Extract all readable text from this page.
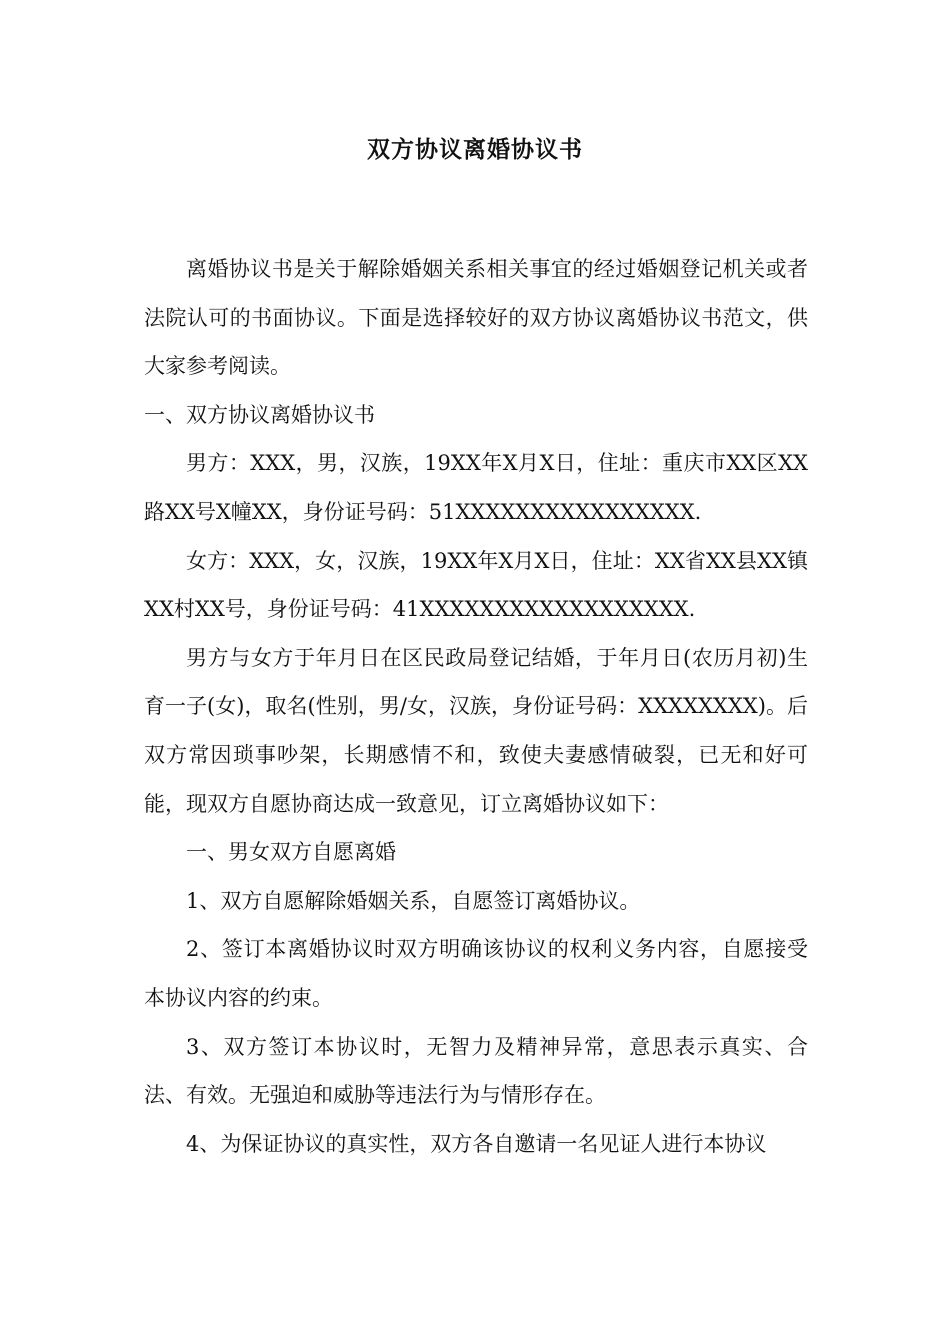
双方协议离婚协议书

离婚协议书是关于解除婚姻关系相关事宜的经过婚姻登记机关或者法院认可的书面协议。下面是选择较好的双方协议离婚协议书范文，供大家参考阅读。

一、双方协议离婚协议书

男方：XXX，男，汉族，19XX年X月X日，住址：重庆市XX区XX路XX号X幢XX，身份证号码：51XXXXXXXXXXXXXXXX.

女方：XXX，女，汉族，19XX年X月X日，住址：XX省XX县XX镇XX村XX号，身份证号码：41XXXXXXXXXXXXXXXXXX.

男方与女方于年月日在区民政局登记结婚，于年月日(农历月初)生育一子(女)，取名(性别，男/女，汉族，身份证号码：XXXXXXXX)。后双方常因琐事吵架，长期感情不和，致使夫妻感情破裂，已无和好可能，现双方自愿协商达成一致意见，订立离婚协议如下：

一、男女双方自愿离婚

1、双方自愿解除婚姻关系，自愿签订离婚协议。

2、签订本离婚协议时双方明确该协议的权利义务内容，自愿接受本协议内容的约束。

3、双方签订本协议时，无智力及精神异常，意思表示真实、合法、有效。无强迫和威胁等违法行为与情形存在。

4、为保证协议的真实性，双方各自邀请一名见证人进行本协议
